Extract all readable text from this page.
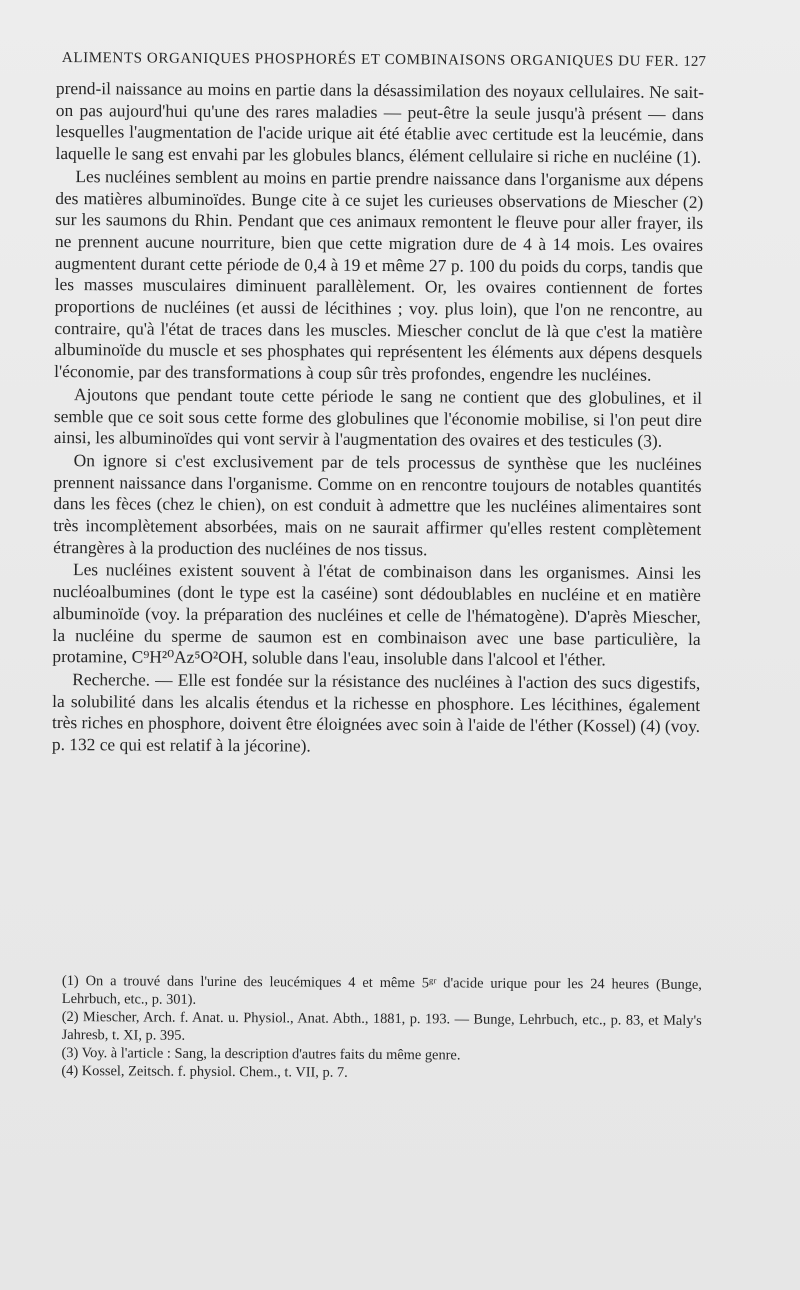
ALIMENTS ORGANIQUES PHOSPHORÉS ET COMBINAISONS ORGANIQUES DU FER. 127

prend-il naissance au moins en partie dans la désassimilation des noyaux cellulaires. Ne sait-on pas aujourd'hui qu'une des rares maladies — peut-être la seule jusqu'à présent — dans lesquelles l'augmentation de l'acide urique ait été établie avec certitude est la leucémie, dans laquelle le sang est envahi par les globules blancs, élément cellulaire si riche en nucléine (1).

Les nucléines semblent au moins en partie prendre naissance dans l'organisme aux dépens des matières albuminoïdes. Bunge cite à ce sujet les curieuses observations de Miescher (2) sur les saumons du Rhin. Pendant que ces animaux remontent le fleuve pour aller frayer, ils ne prennent aucune nourriture, bien que cette migration dure de 4 à 14 mois. Les ovaires augmentent durant cette période de 0,4 à 19 et même 27 p. 100 du poids du corps, tandis que les masses musculaires diminuent parallèlement. Or, les ovaires contiennent de fortes proportions de nucléines (et aussi de lécithines ; voy. plus loin), que l'on ne rencontre, au contraire, qu'à l'état de traces dans les muscles. Miescher conclut de là que c'est la matière albuminoïde du muscle et ses phosphates qui représentent les éléments aux dépens desquels l'économie, par des transformations à coup sûr très profondes, engendre les nucléines.

Ajoutons que pendant toute cette période le sang ne contient que des globulines, et il semble que ce soit sous cette forme des globulines que l'économie mobilise, si l'on peut dire ainsi, les albuminoïdes qui vont servir à l'augmentation des ovaires et des testicules (3).

On ignore si c'est exclusivement par de tels processus de synthèse que les nucléines prennent naissance dans l'organisme. Comme on en rencontre toujours de notables quantités dans les fèces (chez le chien), on est conduit à admettre que les nucléines alimentaires sont très incomplètement absorbées, mais on ne saurait affirmer qu'elles restent complètement étrangères à la production des nucléines de nos tissus.

Les nucléines existent souvent à l'état de combinaison dans les organismes. Ainsi les nucléoalbumines (dont le type est la caséine) sont dédoublables en nucléine et en matière albuminoïde (voy. la préparation des nucléines et celle de l'hématogène). D'après Miescher, la nucléine du sperme de saumon est en combinaison avec une base particulière, la protamine, C⁹H²⁰Az⁵O²OH, soluble dans l'eau, insoluble dans l'alcool et l'éther.

Recherche. — Elle est fondée sur la résistance des nucléines à l'action des sucs digestifs, la solubilité dans les alcalis étendus et la richesse en phosphore. Les lécithines, également très riches en phosphore, doivent être éloignées avec soin à l'aide de l'éther (Kossel) (4) (voy. p. 132 ce qui est relatif à la jécorine).

(1) On a trouvé dans l'urine des leucémiques 4 et même 5ᵍʳ d'acide urique pour les 24 heures (Bunge, Lehrbuch, etc., p. 301).

(2) Miescher, Arch. f. Anat. u. Physiol., Anat. Abth., 1881, p. 193. — Bunge, Lehrbuch, etc., p. 83, et Maly's Jahresb, t. XI, p. 395.

(3) Voy. à l'article : Sang, la description d'autres faits du même genre.

(4) Kossel, Zeitsch. f. physiol. Chem., t. VII, p. 7.
